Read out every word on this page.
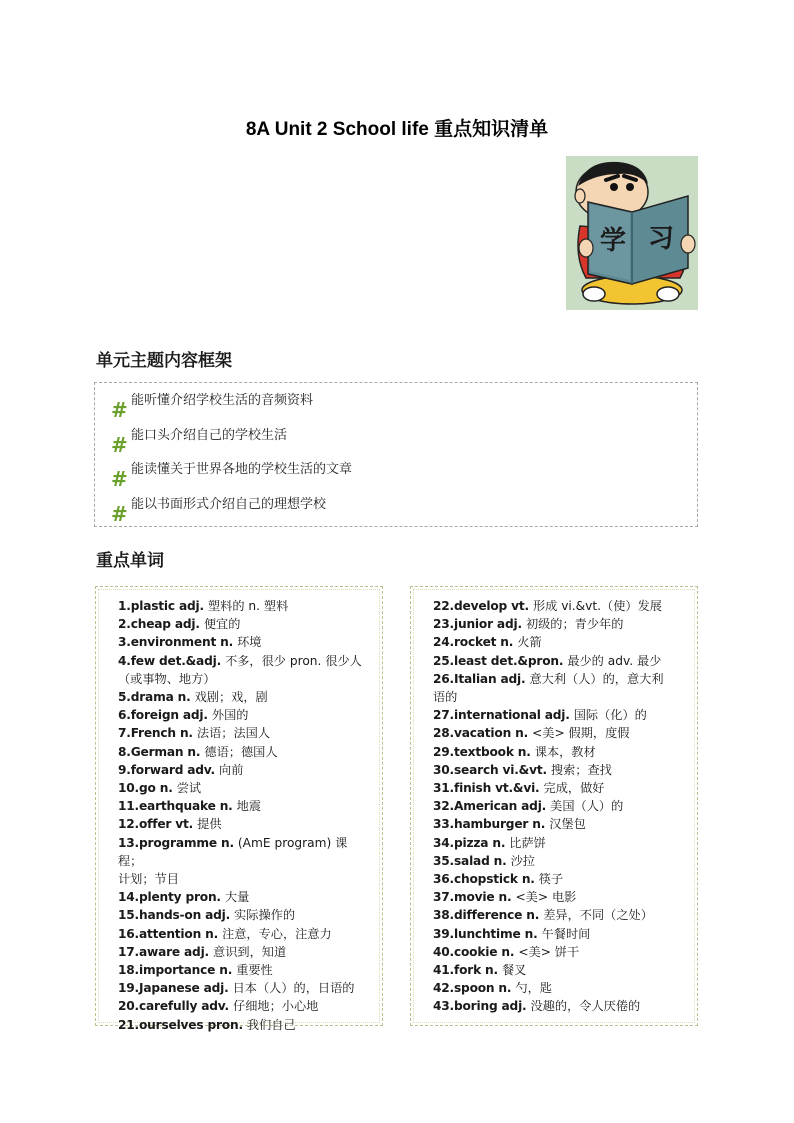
8A Unit 2 School life 重点知识清单
学 习
单元主题内容框架
# 能听懂介绍学校生活的音频资料
# 能口头介绍自己的学校生活
# 能读懂关于世界各地的学校生活的文章
# 能以书面形式介绍自己的理想学校
重点单词
1.plastic adj. 塑料的 n. 塑料
2.cheap adj. 便宜的
3.environment n. 环境
4.few det.&adj. 不多，很少 pron. 很少人
（或事物、地方）
5.drama n. 戏剧；戏，剧
6.foreign adj. 外国的
7.French n. 法语；法国人
8.German n. 德语；德国人
9.forward adv. 向前
10.go n. 尝试
11.earthquake n. 地震
12.offer vt. 提供
13.programme n. (AmE program) 课程；
计划；节目
14.plenty pron. 大量
15.hands-on adj. 实际操作的
16.attention n. 注意，专心，注意力
17.aware adj. 意识到，知道
18.importance n. 重要性
19.Japanese adj. 日本（人）的，日语的
20.carefully adv. 仔细地；小心地
21.ourselves pron. 我们自己
22.develop vt. 形成 vi.&vt.（使）发展
23.junior adj. 初级的；青少年的
24.rocket n. 火箭
25.least det.&pron. 最少的 adv. 最少
26.Italian adj. 意大利（人）的，意大利
语的
27.international adj. 国际（化）的
28.vacation n. <美> 假期，度假
29.textbook n. 课本，教材
30.search vi.&vt. 搜索；查找
31.finish vt.&vi. 完成，做好
32.American adj. 美国（人）的
33.hamburger n. 汉堡包
34.pizza n. 比萨饼
35.salad n. 沙拉
36.chopstick n. 筷子
37.movie n. <美> 电影
38.difference n. 差异，不同（之处）
39.lunchtime n. 午餐时间
40.cookie n. <美> 饼干
41.fork n. 餐叉
42.spoon n. 勺，匙
43.boring adj. 没趣的，令人厌倦的
